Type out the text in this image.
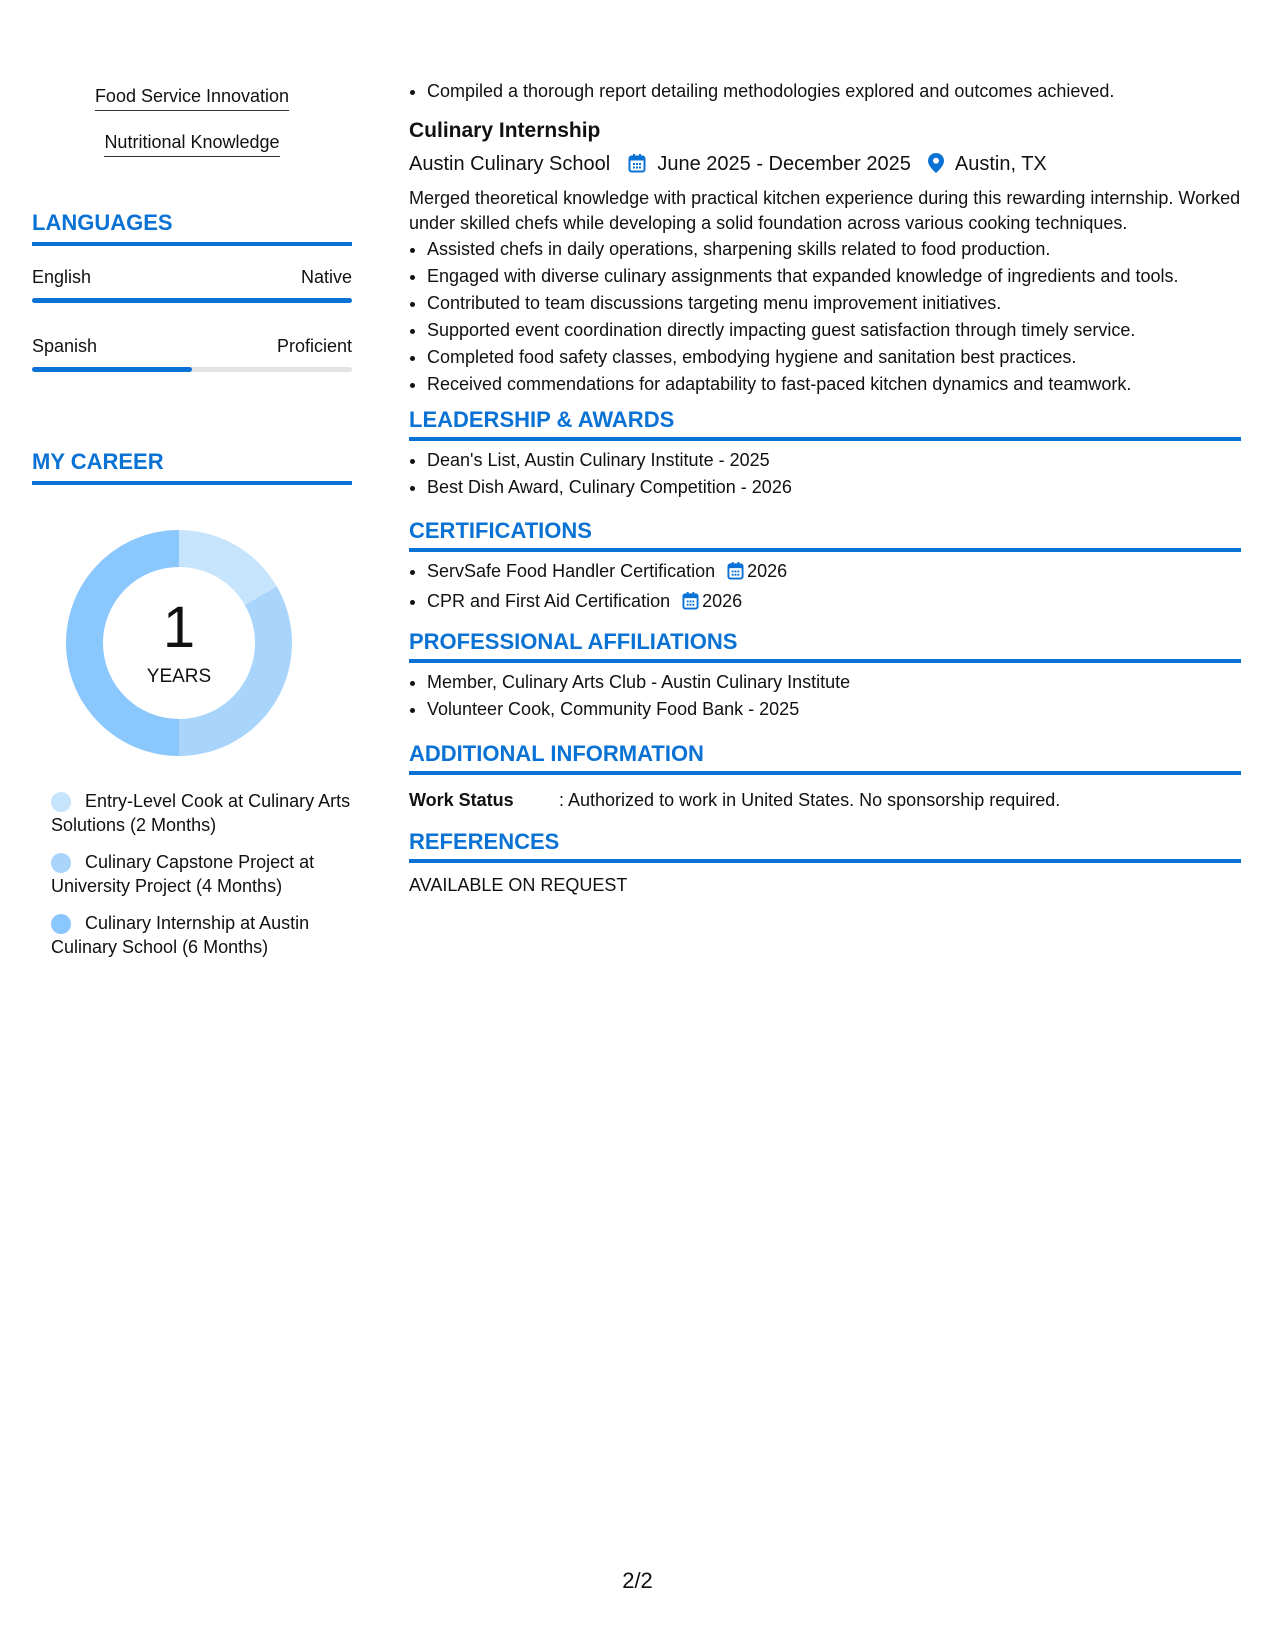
Food Service Innovation
Nutritional Knowledge
LANGUAGES
English	Native
Spanish	Proficient
MY CAREER
1
YEARS
Entry-Level Cook at Culinary Arts Solutions (2 Months)
Culinary Capstone Project at University Project (4 Months)
Culinary Internship at Austin Culinary School (6 Months)
• Compiled a thorough report detailing methodologies explored and outcomes achieved.
Culinary Internship
Austin Culinary School June 2025 - December 2025 Austin, TX
Merged theoretical knowledge with practical kitchen experience during this rewarding internship. Worked under skilled chefs while developing a solid foundation across various cooking techniques.
• Assisted chefs in daily operations, sharpening skills related to food production.
• Engaged with diverse culinary assignments that expanded knowledge of ingredients and tools.
• Contributed to team discussions targeting menu improvement initiatives.
• Supported event coordination directly impacting guest satisfaction through timely service.
• Completed food safety classes, embodying hygiene and sanitation best practices.
• Received commendations for adaptability to fast-paced kitchen dynamics and teamwork.
LEADERSHIP & AWARDS
• Dean's List, Austin Culinary Institute - 2025
• Best Dish Award, Culinary Competition - 2026
CERTIFICATIONS
• ServSafe Food Handler Certification 2026
• CPR and First Aid Certification 2026
PROFESSIONAL AFFILIATIONS
• Member, Culinary Arts Club - Austin Culinary Institute
• Volunteer Cook, Community Food Bank - 2025
ADDITIONAL INFORMATION
Work Status	: Authorized to work in United States. No sponsorship required.
REFERENCES
AVAILABLE ON REQUEST
2/2
